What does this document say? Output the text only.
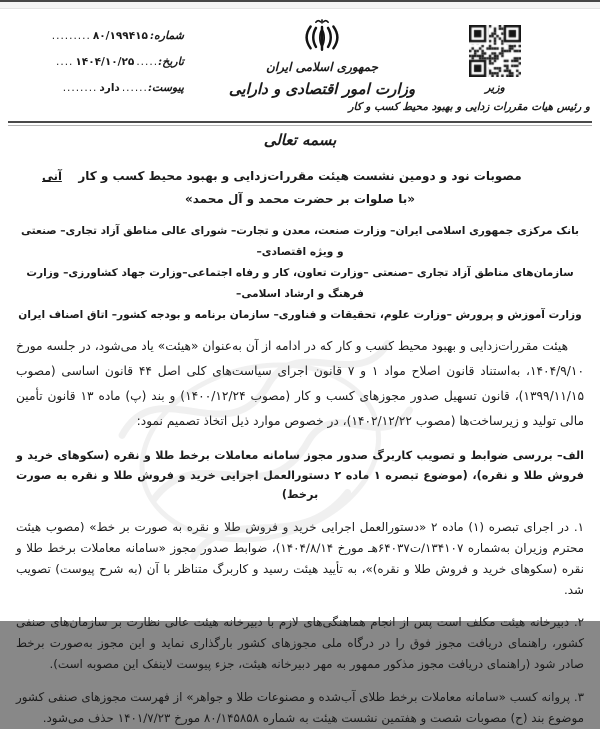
شماره:
۸۰/۱۹۹۴۱۵
.........
تاریخ:
.....
۱۴۰۴/۱۰/۲۵
....
پیوست:
......
دارد
........
جمهوری اسلامی ایران
وزارت امور اقتصادی و دارایی	وزیر
و رئیس هیات مقررات زدایی و بهبود محیط کسب و کار
بسمه تعالی
آنی	مصوبات نود و دومین نشست هیئت مقررات‌زدایی و بهبود محیط کسب و کار
«با صلوات بر حضرت محمد و آل محمد»
بانک مرکزی جمهوری اسلامی ایران– وزارت صنعت، معدن و تجارت– شورای عالی مناطق آزاد تجاری– صنعتی و ویژه اقتصادی–
سازمان‌های مناطق آزاد تجاری –صنعتی –وزارت تعاون، کار و رفاه اجتماعی–وزارت جهاد کشاورزی– وزارت فرهنگ و ارشاد اسلامی–
وزارت آموزش و پرورش –وزارت علوم، تحقیقات و فناوری– سازمان برنامه و بودجه کشور– اتاق اصناف ایران

هیئت مقررات‌زدایی و بهبود محیط کسب و کار که در ادامه از آن به‌عنوان «هیئت» یاد می‌شود، در جلسه مورخ ۱۴۰۴/۹/۱۰، به‌استناد قانون اصلاح مواد ۱ و ۷ قانون اجرای سیاست‌های کلی اصل ۴۴ قانون اساسی (مصوب ۱۳۹۹/۱۱/۱۵)، قانون تسهیل صدور مجوزهای کسب و کار (مصوب ۱۴۰۰/۱۲/۲۴) و بند (پ) ماده ۱۳ قانون تأمین مالی تولید و زیرساخت‌ها (مصوب ۱۴۰۲/۱۲/۲۲)، در خصوص موارد ذیل اتخاذ تصمیم نمود:

الف– بررسی ضوابط و تصویب کاربرگ صدور مجوز سامانه معاملات برخط طلا و نقره (سکوهای خرید و فروش طلا و نقره)، (موضوع تبصره ۱ ماده ۲ دستورالعمل اجرایی خرید و فروش طلا و نقره به صورت برخط)

۱. در اجرای تبصره (۱) ماده ۲ «دستورالعمل اجرایی خرید و فروش طلا و نقره به صورت بر خط» (مصوب هیئت محترم وزیران به‌شماره ۱۳۴۱۰۷/ت۶۴۰۳۷هـ مورخ ۱۴۰۴/۸/۱۴)، ضوابط صدور مجوز «سامانه معاملات برخط طلا و نقره (سکوهای خرید و فروش طلا و نقره)»، به تأیید هیئت رسید و کاربرگ متناظر با آن (به شرح پیوست) تصویب شد.

۲. دبیرخانه هیئت مکلف است پس از انجام هماهنگی‌های لازم با دبیرخانه هیئت عالی نظارت بر سازمان‌های صنفی کشور، راهنمای دریافت مجوز فوق را در درگاه ملی مجوزهای کشور بارگذاری نماید و این مجوز به‌صورت برخط صادر شود (راهنمای دریافت مجوز مذکور ممهور به مهر دبیرخانه هیئت، جزء پیوست لاینفک این مصوبه است).

۳. پروانه کسب «سامانه معاملات برخط طلای آب‌شده و مصنوعات طلا و جواهر» از فهرست مجوزهای صنفی کشور موضوع بند (ح) مصوبات شصت و هفتمین نشست هیئت به شماره ۸۰/۱۴۵۸۵۸ مورخ ۱۴۰۱/۷/۲۳ حذف می‌شود.
